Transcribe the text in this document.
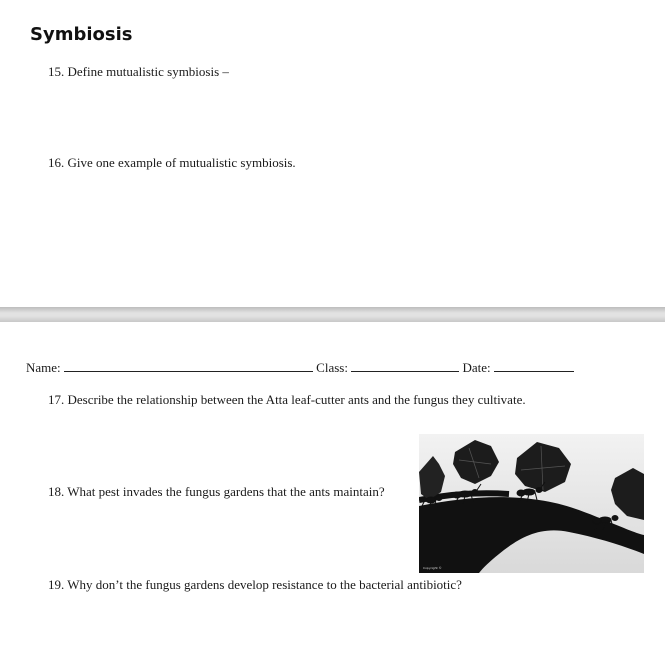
Symbiosis
15. Define mutualistic symbiosis –
16. Give one example of mutualistic symbiosis.
Name:	Class:	Date:
17. Describe the relationship between the Atta leaf-cutter ants and the fungus they cultivate.
18. What pest invades the fungus gardens that the ants maintain?
19. Why don’t the fungus gardens develop resistance to the bacterial antibiotic?
Copyright ©
